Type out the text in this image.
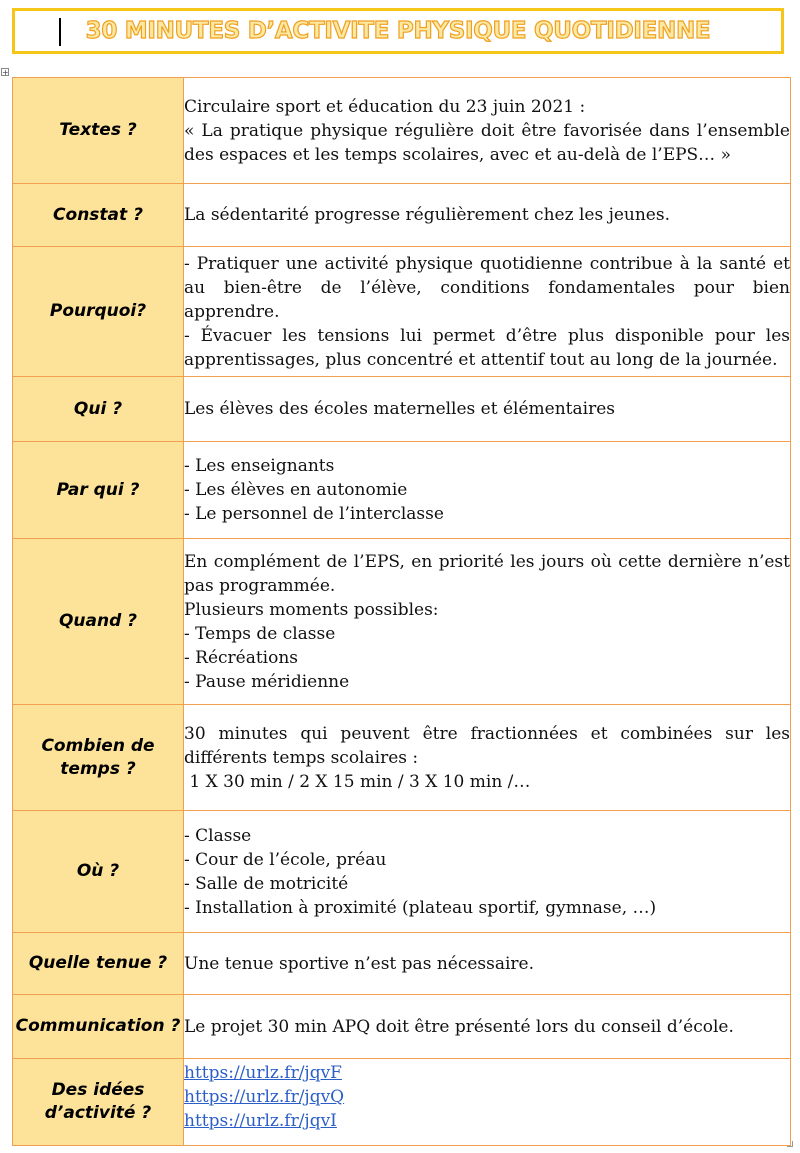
30 MINUTES D’ACTIVITE PHYSIQUE QUOTIDIENNE
+
Textes ?	Circulaire sport et éducation du 23 juin 2021 :
« La pratique physique régulière doit être favorisée dans l’ensemble des espaces et les temps scolaires, avec et au-delà de l’EPS… »

Constat ?	La sédentarité progresse régulièrement chez les jeunes.

Pourquoi?	- Pratiquer une activité physique quotidienne contribue à la santé et au bien-être de l’élève, conditions fondamentales pour bien apprendre.
- Évacuer les tensions lui permet d’être plus disponible pour les apprentissages, plus concentré et attentif tout au long de la journée.

Qui ?	Les élèves des écoles maternelles et élémentaires

Par qui ?	- Les enseignants
- Les élèves en autonomie
- Le personnel de l’interclasse

Quand ?	En complément de l’EPS, en priorité les jours où cette dernière n’est pas programmée.
Plusieurs moments possibles:
- Temps de classe
- Récréations
- Pause méridienne

Combien de
temps ?	30 minutes qui peuvent être fractionnées et combinées sur les différents temps scolaires :
1 X 30 min / 2 X 15 min / 3 X 10 min /…

Où ?	- Classe
- Cour de l’école, préau
- Salle de motricité
- Installation à proximité (plateau sportif, gymnase, …)

Quelle tenue ?	Une tenue sportive n’est pas nécessaire.

Communication ?	Le projet 30 min APQ doit être présenté lors du conseil d’école.

Des idées
d’activité ?	https://urlz.fr/jqvF
https://urlz.fr/jqvQ
https://urlz.fr/jqvI
